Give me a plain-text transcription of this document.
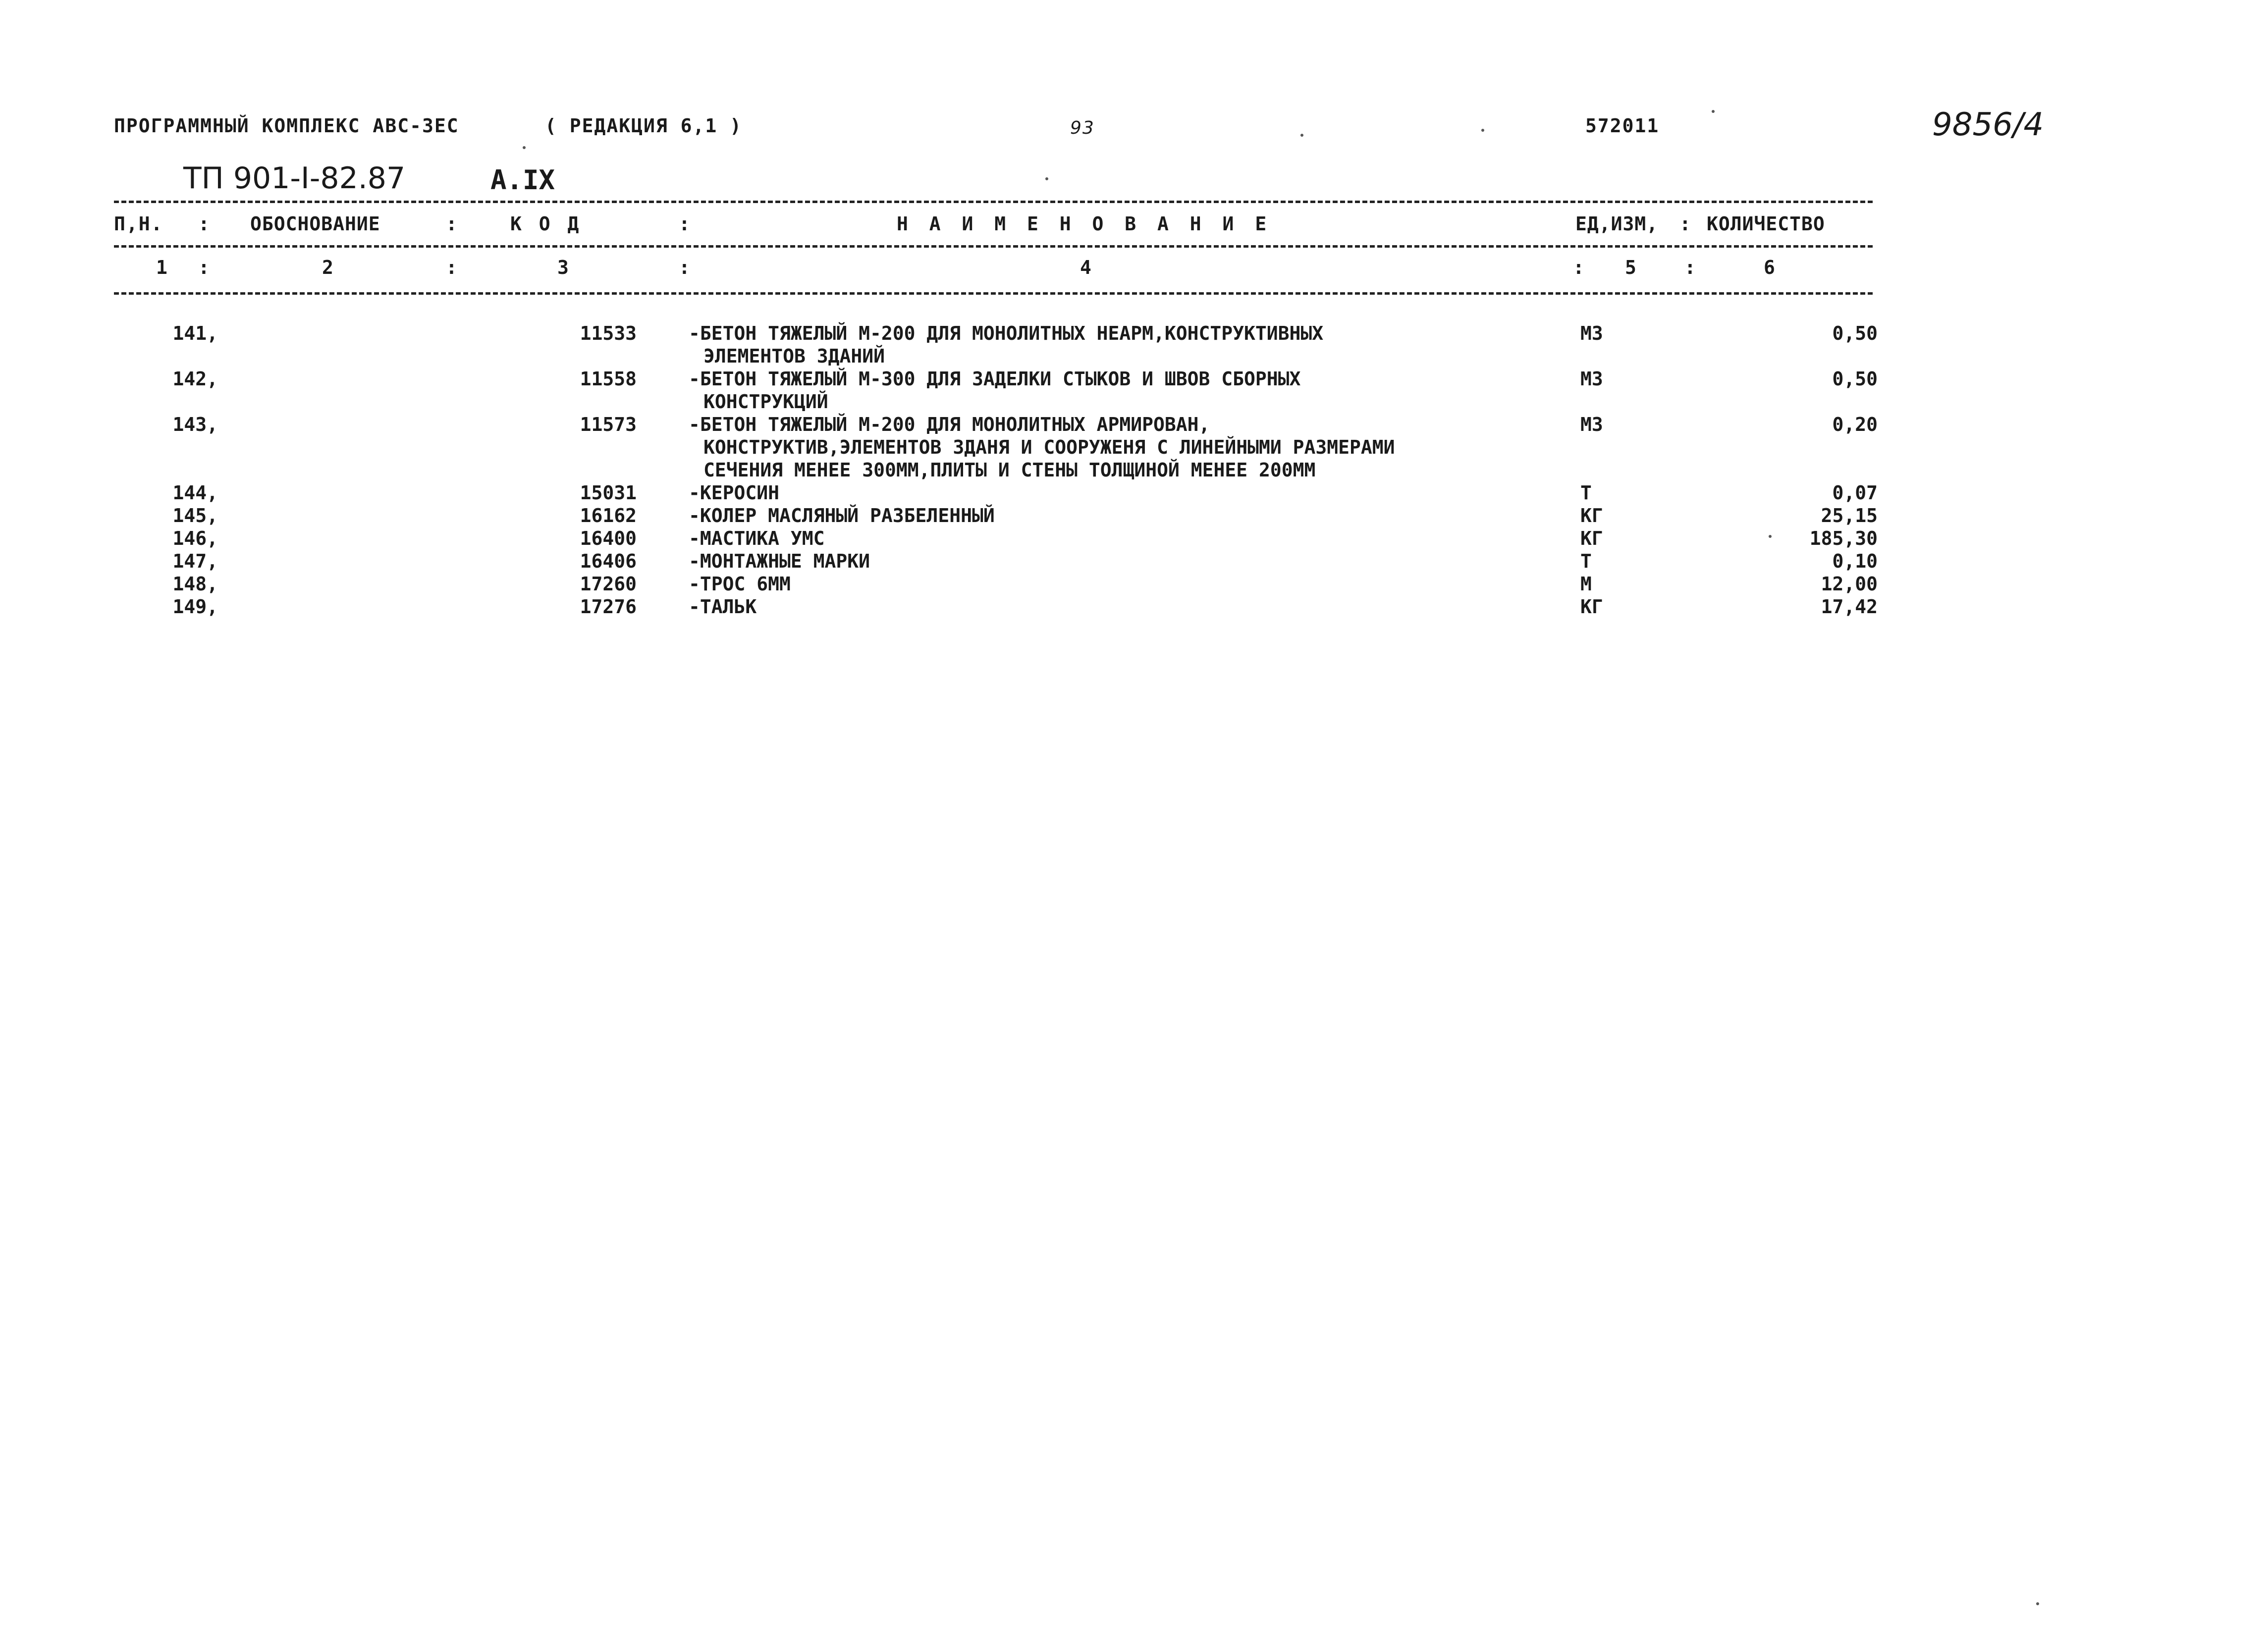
ПРОГРАММНЫЙ КОМПЛЕКС АВС-ЗЕС	( РЕДАКЦИЯ 6,1 )	93	572011	9856/4
ТП 901-I-82.87	А.IX
П,Н. : ОБОСНОВАНИЕ	:	К О Д	:	Н А И М Е Н О В А Н И Е	ЕД,ИЗМ, : КОЛИЧЕСТВО
1 :	2	:	3	:	4	: 5	:	6
141,		11533		-БЕТОН ТЯЖЕЛЫЙ М-200 ДЛЯ МОНОЛИТНЫХ НЕАРМ,КОНСТРУКТИВНЫХ
ЭЛЕМЕНТОВ ЗДАНИЙ	М3	0,50
142,		11558		-БЕТОН ТЯЖЕЛЫЙ М-300 ДЛЯ ЗАДЕЛКИ СТЫКОВ И ШВОВ СБОРНЫХ
КОНСТРУКЦИЙ	М3	0,50
143,		11573		-БЕТОН ТЯЖЕЛЫЙ М-200 ДЛЯ МОНОЛИТНЫХ АРМИРОВАН,
КОНСТРУКТИВ,ЭЛЕМЕНТОВ ЗДАНЯ И СООРУЖЕНЯ С ЛИНЕЙНЫМИ РАЗМЕРАМИ
СЕЧЕНИЯ МЕНЕЕ 300ММ,ПЛИТЫ И СТЕНЫ ТОЛЩИНОЙ МЕНЕЕ 200ММ	М3	0,20
144,		15031		-КЕРОСИН	Т	0,07
145,		16162		-КОЛЕР МАСЛЯНЫЙ РАЗБЕЛЕННЫЙ	КГ	25,15
146,		16400		-МАСТИКА УМС	КГ	185,30
147,		16406		-МОНТАЖНЫЕ МАРКИ	Т	0,10
148,		17260		-ТРОС 6ММ	М	12,00
149,		17276		-ТАЛЬК	КГ	17,42
